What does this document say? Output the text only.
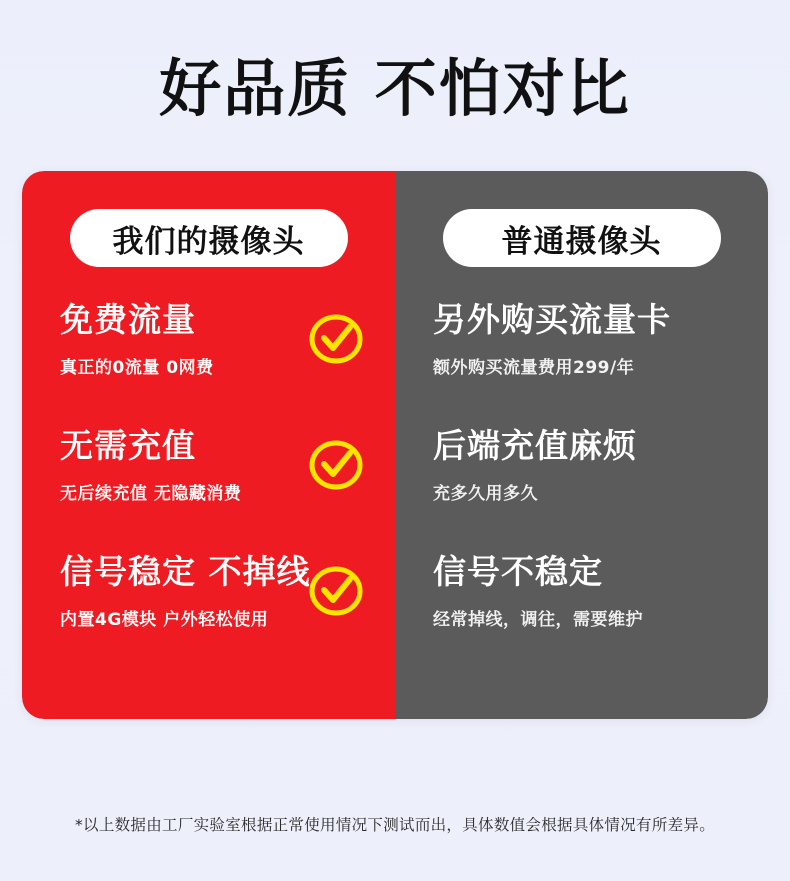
好品质 不怕对比
我们的摄像头
免费流量
真正的0流量 0网费
无需充值
无后续充值 无隐藏消费
信号稳定 不掉线
内置4G模块 户外轻松使用
普通摄像头
另外购买流量卡
额外购买流量费用299/年
后端充值麻烦
充多久用多久
信号不稳定
经常掉线，调往，需要维护
*以上数据由工厂实验室根据正常使用情况下测试而出，具体数值会根据具体情况有所差异。
